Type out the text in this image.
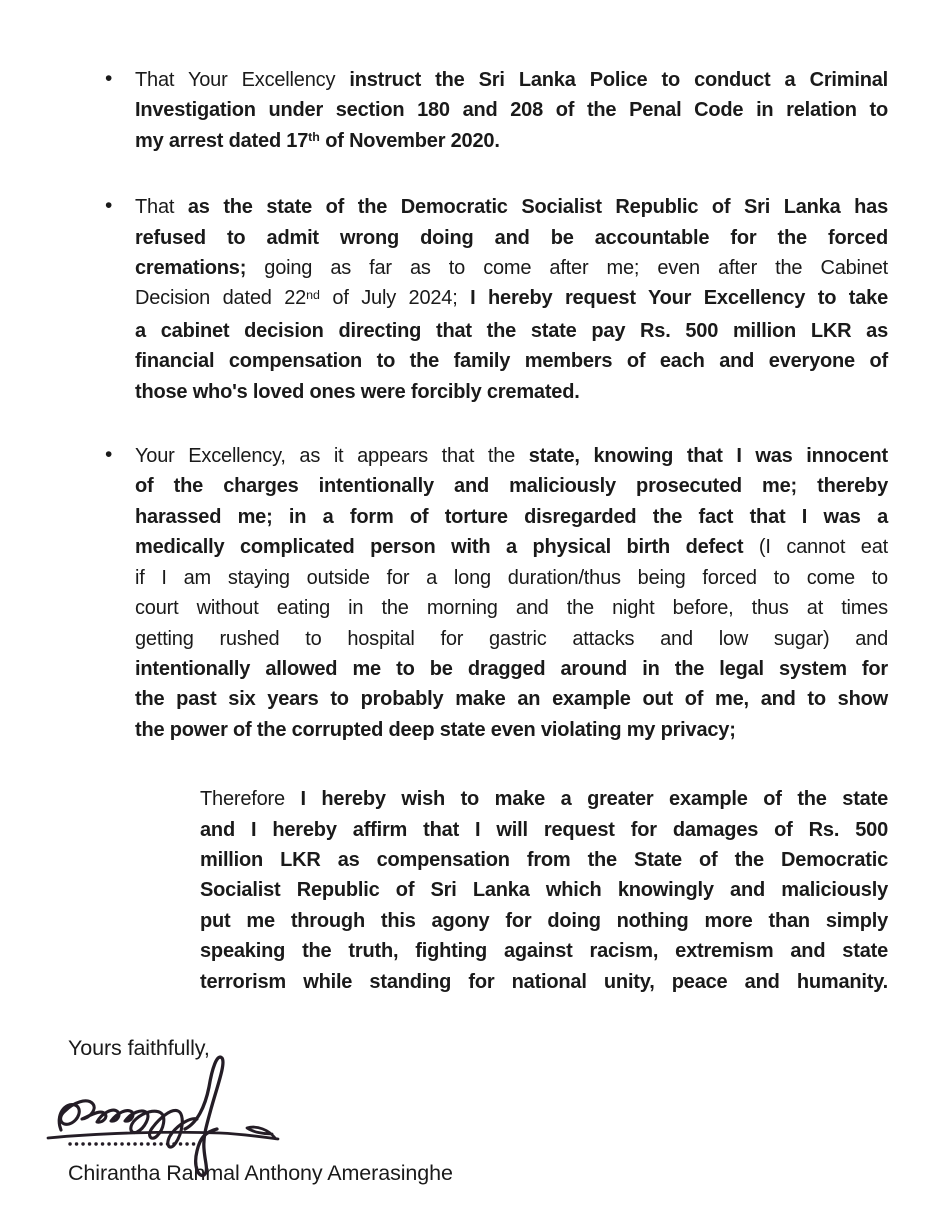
• That Your Excellency instruct the Sri Lanka Police to conduct a Criminal
Investigation under section 180 and 208 of the Penal Code in relation to
my arrest dated 17th of November 2020.
• That as the state of the Democratic Socialist Republic of Sri Lanka has
refused to admit wrong doing and be accountable for the forced
cremations; going as far as to come after me; even after the Cabinet
Decision dated 22nd of July 2024; I hereby request Your Excellency to take
a cabinet decision directing that the state pay Rs. 500 million LKR as
financial compensation to the family members of each and everyone of
those who's loved ones were forcibly cremated.
• Your Excellency, as it appears that the state, knowing that I was innocent
of the charges intentionally and maliciously prosecuted me; thereby
harassed me; in a form of torture disregarded the fact that I was a
medically complicated person with a physical birth defect (I cannot eat
if I am staying outside for a long duration/thus being forced to come to
court without eating in the morning and the night before, thus at times
getting rushed to hospital for gastric attacks and low sugar) and
intentionally allowed me to be dragged around in the legal system for
the past six years to probably make an example out of me, and to show
the power of the corrupted deep state even violating my privacy;
Therefore I hereby wish to make a greater example of the state
and I hereby affirm that I will request for damages of Rs. 500
million LKR as compensation from the State of the Democratic
Socialist Republic of Sri Lanka which knowingly and maliciously
put me through this agony for doing nothing more than simply
speaking the truth, fighting against racism, extremism and state
terrorism while standing for national unity, peace and humanity.
Yours faithfully,
Chirantha Ranmal Anthony Amerasinghe
